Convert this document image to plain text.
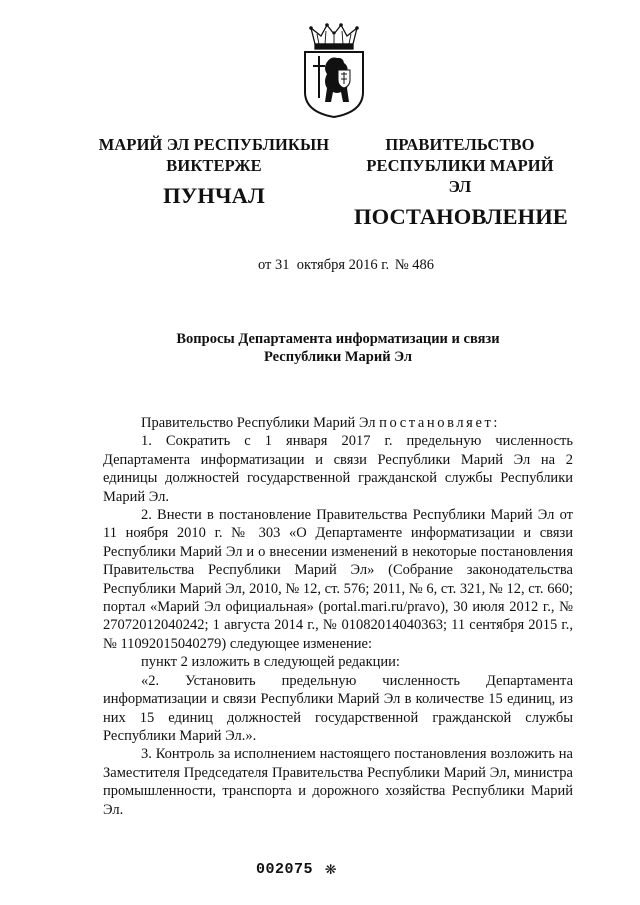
МАРИЙ ЭЛ РЕСПУБЛИКЫН
ВИКТЕРЖЕ
ПУНЧАЛ
ПРАВИТЕЛЬСТВО
РЕСПУБЛИКИ МАРИЙ ЭЛ
ПОСТАНОВЛЕНИЕ
от 31 октября 2016 г. № 486
Вопросы Департамента информатизации и связи
Республики Марий Эл

Правительство Республики Марий Эл постановляет:

1. Сократить с 1 января 2017 г. предельную численность Департамента информатизации и связи Республики Марий Эл на 2 единицы должностей государственной гражданской службы Республики Марий Эл.

2. Внести в постановление Правительства Республики Марий Эл от 11 ноября 2010 г. № 303 «О Департаменте информатизации и связи Республики Марий Эл и о внесении изменений в некоторые постановления Правительства Республики Марий Эл» (Собрание законодательства Республики Марий Эл, 2010, № 12, ст. 576; 2011, № 6, ст. 321, № 12, ст. 660; портал «Марий Эл официальная» (portal.mari.ru/pravo), 30 июля 2012 г., № 27072012040242; 1 августа 2014 г., № 01082014040363; 11 сентября 2015 г., № 11092015040279) следующее изменение:

пункт 2 изложить в следующей редакции:

«2. Установить предельную численность Департамента информатизации и связи Республики Марий Эл в количестве 15 единиц, из них 15 единиц должностей государственной гражданской службы Республики Марий Эл.».

3. Контроль за исполнением настоящего постановления возложить на Заместителя Председателя Правительства Республики Марий Эл, министра промышленности, транспорта и дорожного хозяйства Республики Марий Эл.

002075 ❋
